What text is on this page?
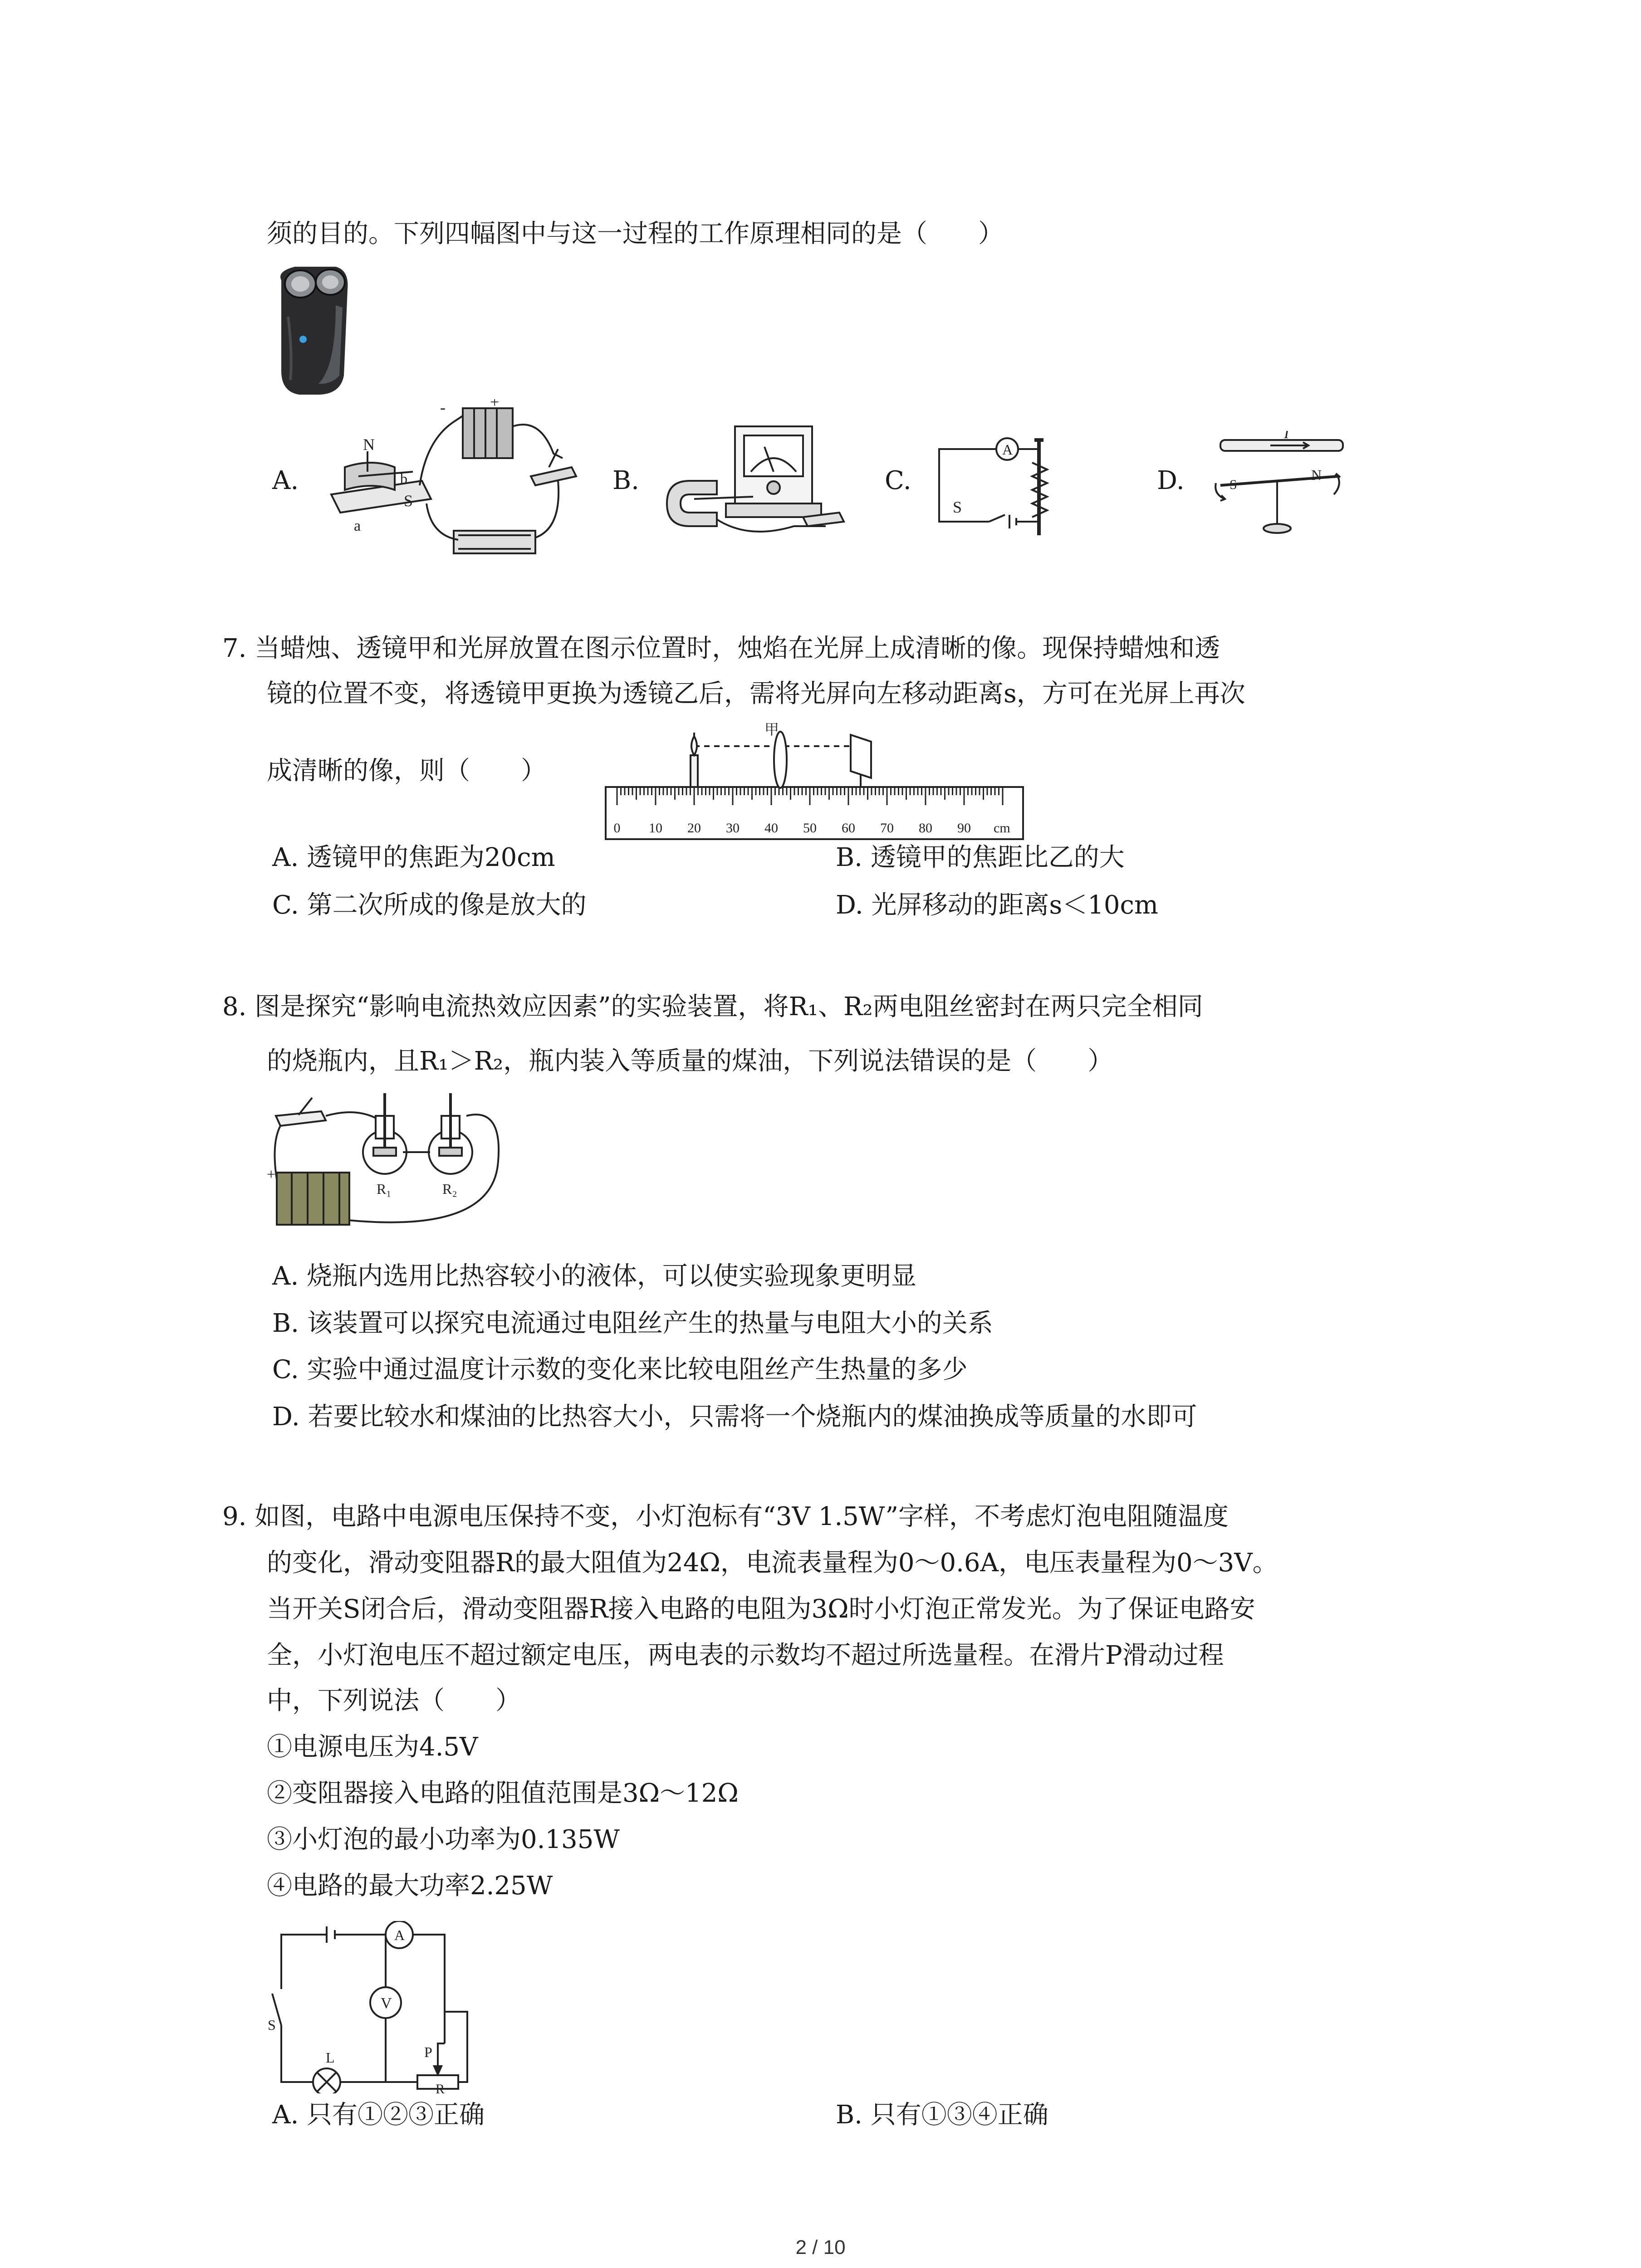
须的目的。下列四幅图中与这一过程的工作原理相同的是（　　）
A.	B.	C.	D.
N
S
a
b
-	+
A
S
I
S
N
7. 当蜡烛、透镜甲和光屏放置在图示位置时，烛焰在光屏上成清晰的像。现保持蜡烛和透
镜的位置不变，将透镜甲更换为透镜乙后，需将光屏向左移动距离s，方可在光屏上再次
成清晰的像，则（　　）
0 10 20 30 40 50 60 70 80 90
甲
cm
A. 透镜甲的焦距为20cm	B. 透镜甲的焦距比乙的大
C. 第二次所成的像是放大的	D. 光屏移动的距离s＜10cm
8. 图是探究“影响电流热效应因素”的实验装置，将R₁、R₂两电阻丝密封在两只完全相同
的烧瓶内，且R₁＞R₂，瓶内装入等质量的煤油，下列说法错误的是（　　）
+
R₁	R₂
A. 烧瓶内选用比热容较小的液体，可以使实验现象更明显
B. 该装置可以探究电流通过电阻丝产生的热量与电阻大小的关系
C. 实验中通过温度计示数的变化来比较电阻丝产生热量的多少
D. 若要比较水和煤油的比热容大小，只需将一个烧瓶内的煤油换成等质量的水即可
9. 如图，电路中电源电压保持不变，小灯泡标有“3V 1.5W”字样，不考虑灯泡电阻随温度
的变化，滑动变阻器R的最大阻值为24Ω，电流表量程为0～0.6A，电压表量程为0～3V。
当开关S闭合后，滑动变阻器R接入电路的电阻为3Ω时小灯泡正常发光。为了保证电路安
全，小灯泡电压不超过额定电压，两电表的示数均不超过所选量程。在滑片P滑动过程
中，下列说法（　　）
①电源电压为4.5V
②变阻器接入电路的阻值范围是3Ω～12Ω
③小灯泡的最小功率为0.135W
④电路的最大功率2.25W
A
V
S
L	P
R
A. 只有①②③正确	B. 只有①③④正确
2 / 10
